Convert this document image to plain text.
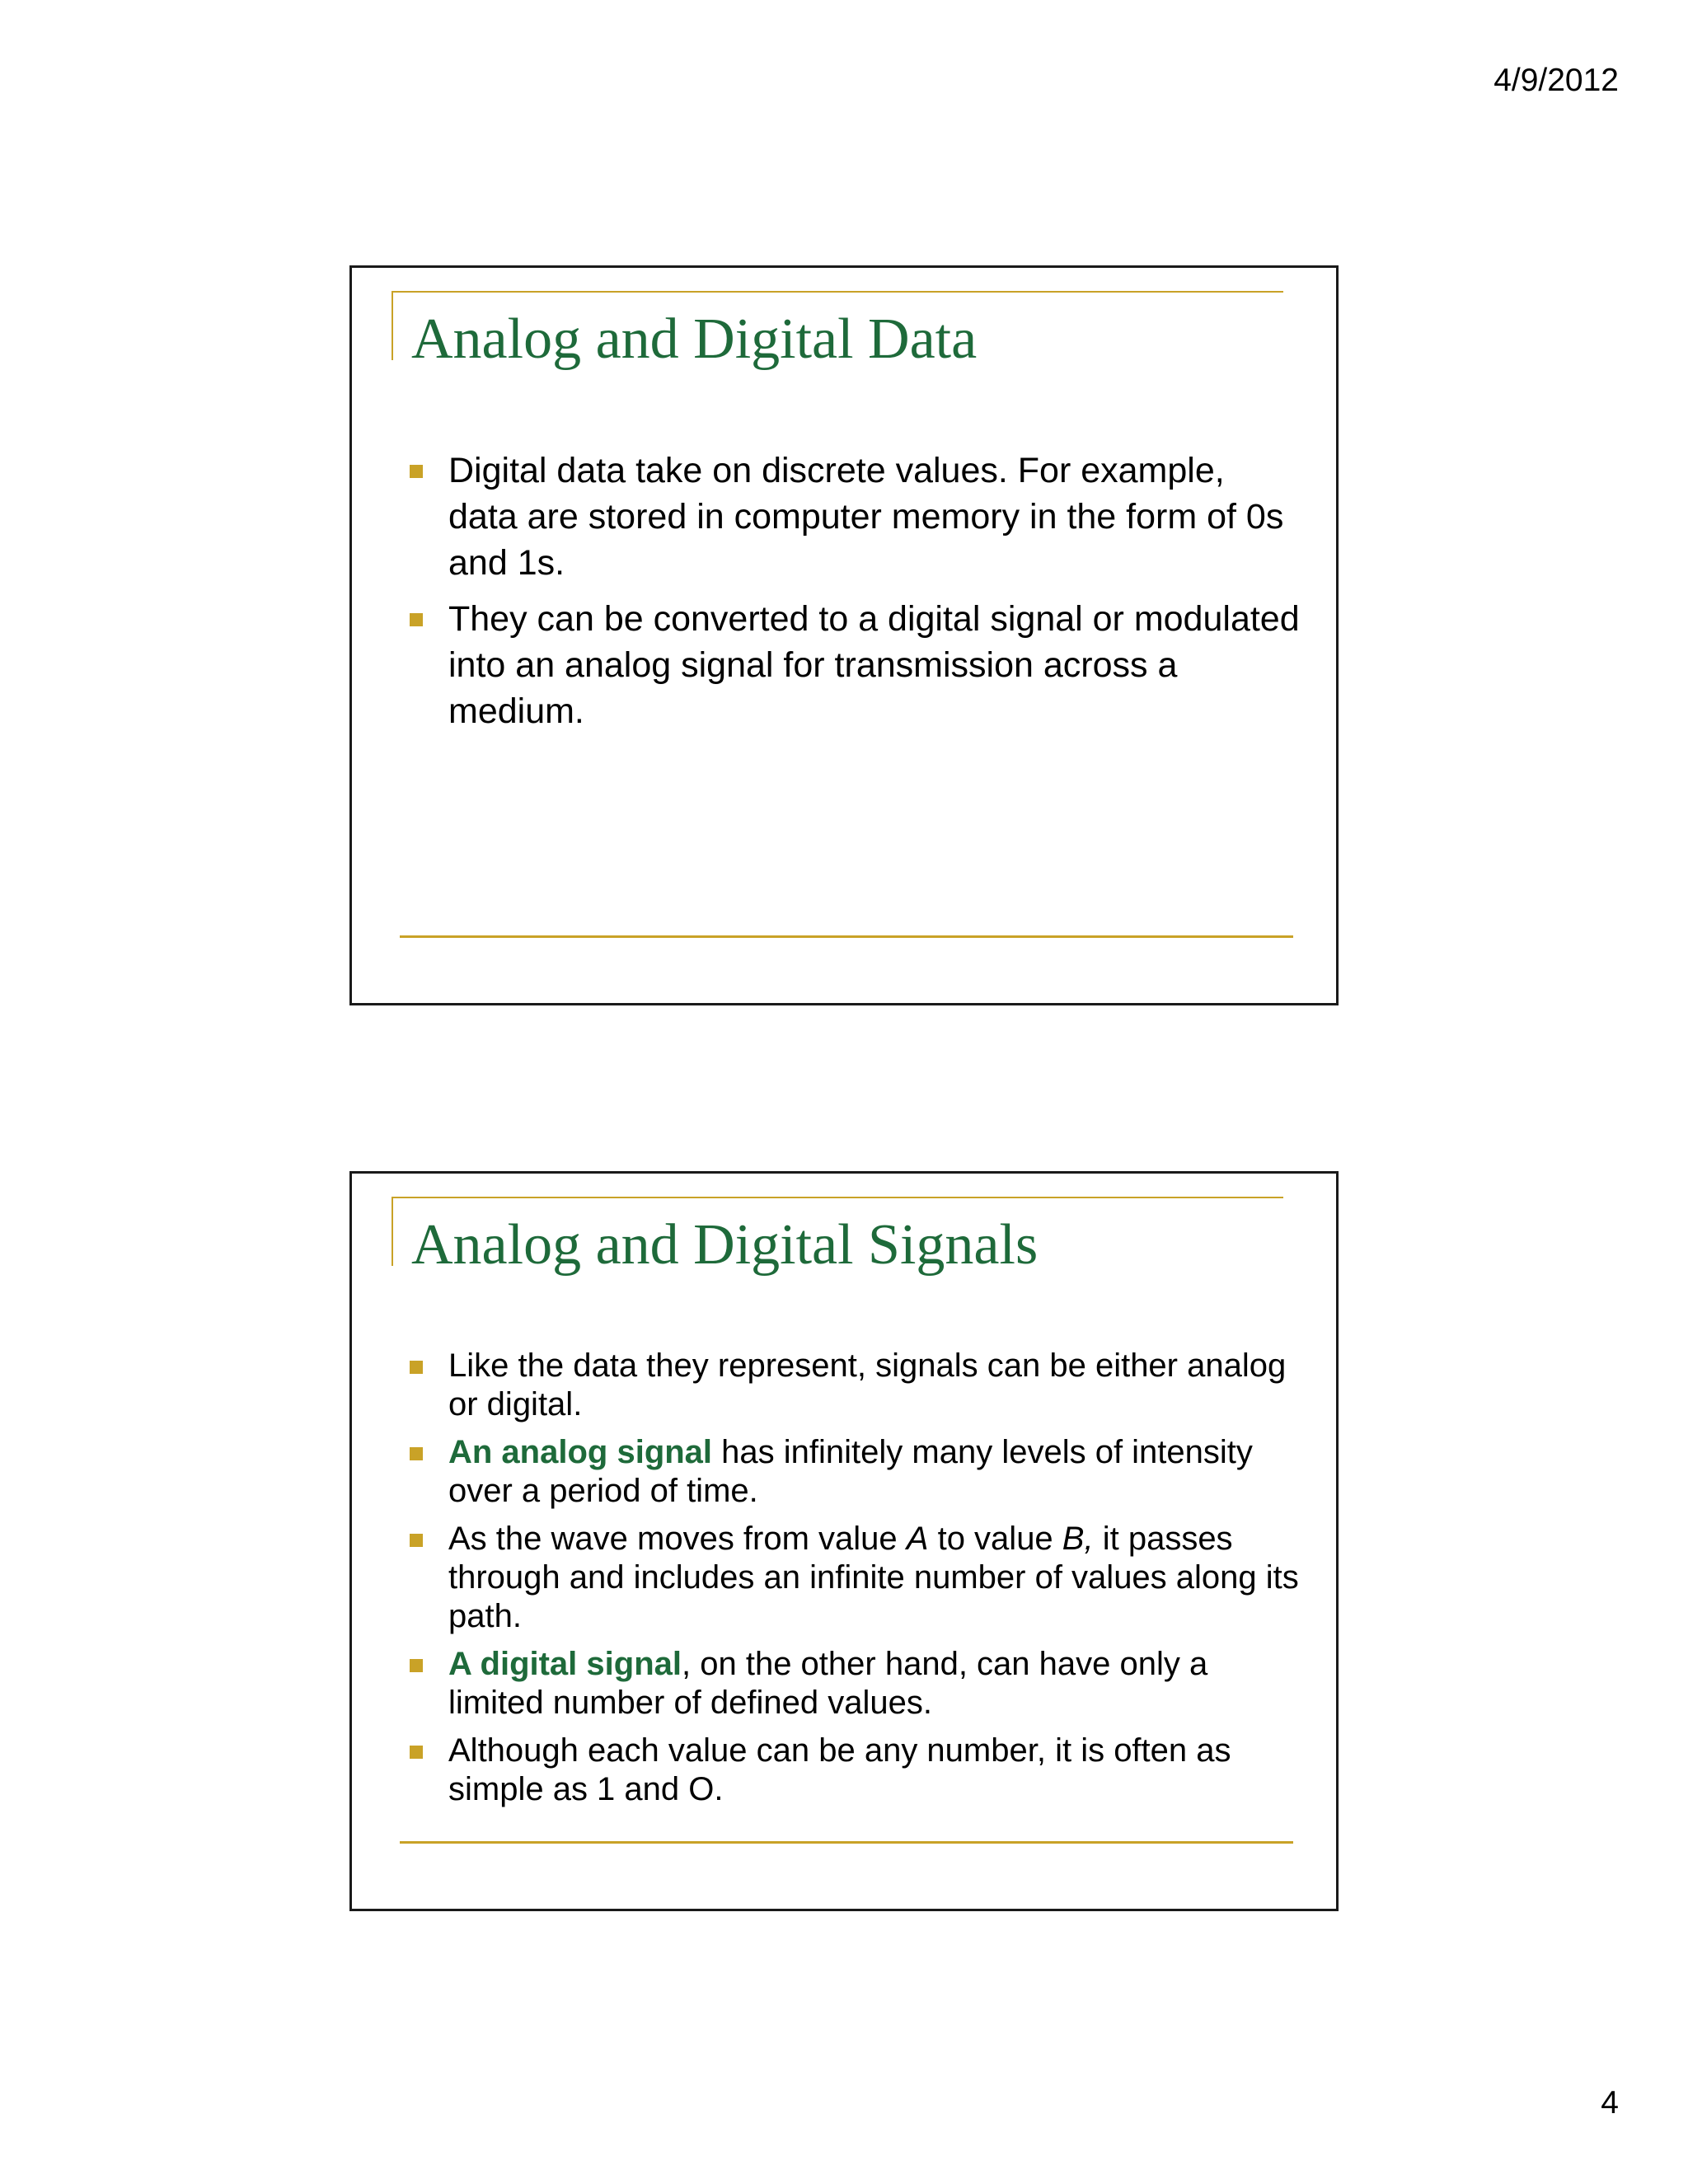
4/9/2012
Analog and Digital Data
Digital data take on discrete values. For example, data are stored in computer memory in the form of 0s and 1s.
They can be converted to a digital signal or modulated into an analog signal for transmission across a medium.
Analog and Digital Signals
Like the data they represent, signals can be either analog or digital.
An analog signal has infinitely many levels of intensity over a period of time.
As the wave moves from value A to value B, it passes through and includes an infinite number of values along its path.
A digital signal, on the other hand, can have only a limited number of defined values.
Although each value can be any number, it is often as simple as 1 and O.
4
